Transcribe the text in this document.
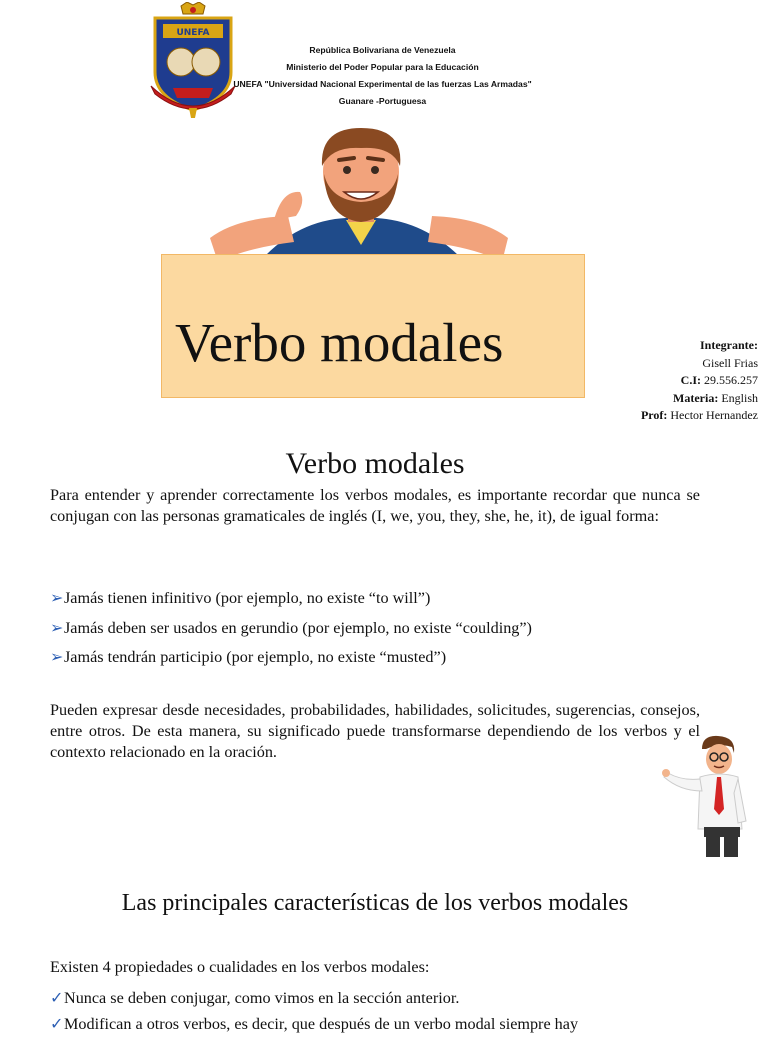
UNEFA
República Bolivariana de Venezuela
Ministerio del Poder Popular para la Educación
UNEFA "Universidad Nacional Experimental de las fuerzas Las Armadas"
Guanare -Portuguesa
Verbo modales	Integrante:
Gisell Frias
C.I: 29.556.257
Materia: English
Prof: Hector Hernandez
Verbo modales
Para entender y aprender correctamente los verbos modales, es importante recordar que nunca se conjugan con las personas gramaticales de inglés (I, we, you, they, she, he, it), de igual forma:
➢Jamás tienen infinitivo (por ejemplo, no existe “to will”)
➢Jamás deben ser usados en gerundio (por ejemplo, no existe “coulding”)
➢Jamás tendrán participio (por ejemplo, no existe “musted”)
Pueden expresar desde necesidades, probabilidades, habilidades, solicitudes, sugerencias, consejos, entre otros. De esta manera, su significado puede transformarse dependiendo de los verbos y el contexto relacionado en la oración.
Las principales características de los verbos modales
Existen 4 propiedades o cualidades en los verbos modales:
✓Nunca se deben conjugar, como vimos en la sección anterior.
✓Modifican a otros verbos, es decir, que después de un verbo modal siempre hay
